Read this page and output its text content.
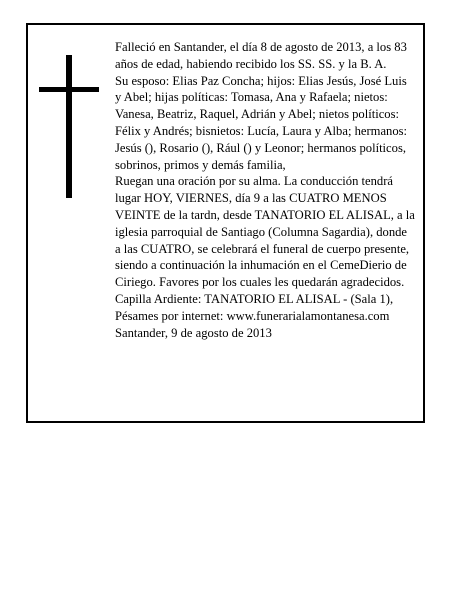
Falleció en Santander, el día 8 de agosto de 2013, a los 83 años de edad, habiendo recibido los SS. SS. y la B. A.

Su esposo: Elias Paz Concha; hijos: Elias Jesús, José Luis y Abel; hijas políticas: Tomasa, Ana y Rafaela; nietos: Vanesa, Beatriz, Raquel, Adrián y Abel; nietos políticos: Félix y Andrés; bisnietos: Lucía, Laura y Alba; hermanos: Jesús (), Rosario (), Rául () y Leonor; hermanos políticos, sobrinos, primos y demás familia,

Ruegan una oración por su alma. La conducción tendrá lugar HOY, VIERNES, día 9 a las CUATRO MENOS VEINTE de la tardn, desde TANATORIO EL ALISAL, a la iglesia parroquial de Santiago (Columna Sagardia), donde a las CUATRO, se celebrará el funeral de cuerpo presente, siendo a continuación la inhumación en el CemeDierio de Ciriego. Favores por los cuales les quedarán agradecidos. Capilla Ardiente: TANATORIO EL ALISAL - (Sala 1),

Pésames por internet: www.funerarialamontanesa.com

Santander, 9 de agosto de 2013
